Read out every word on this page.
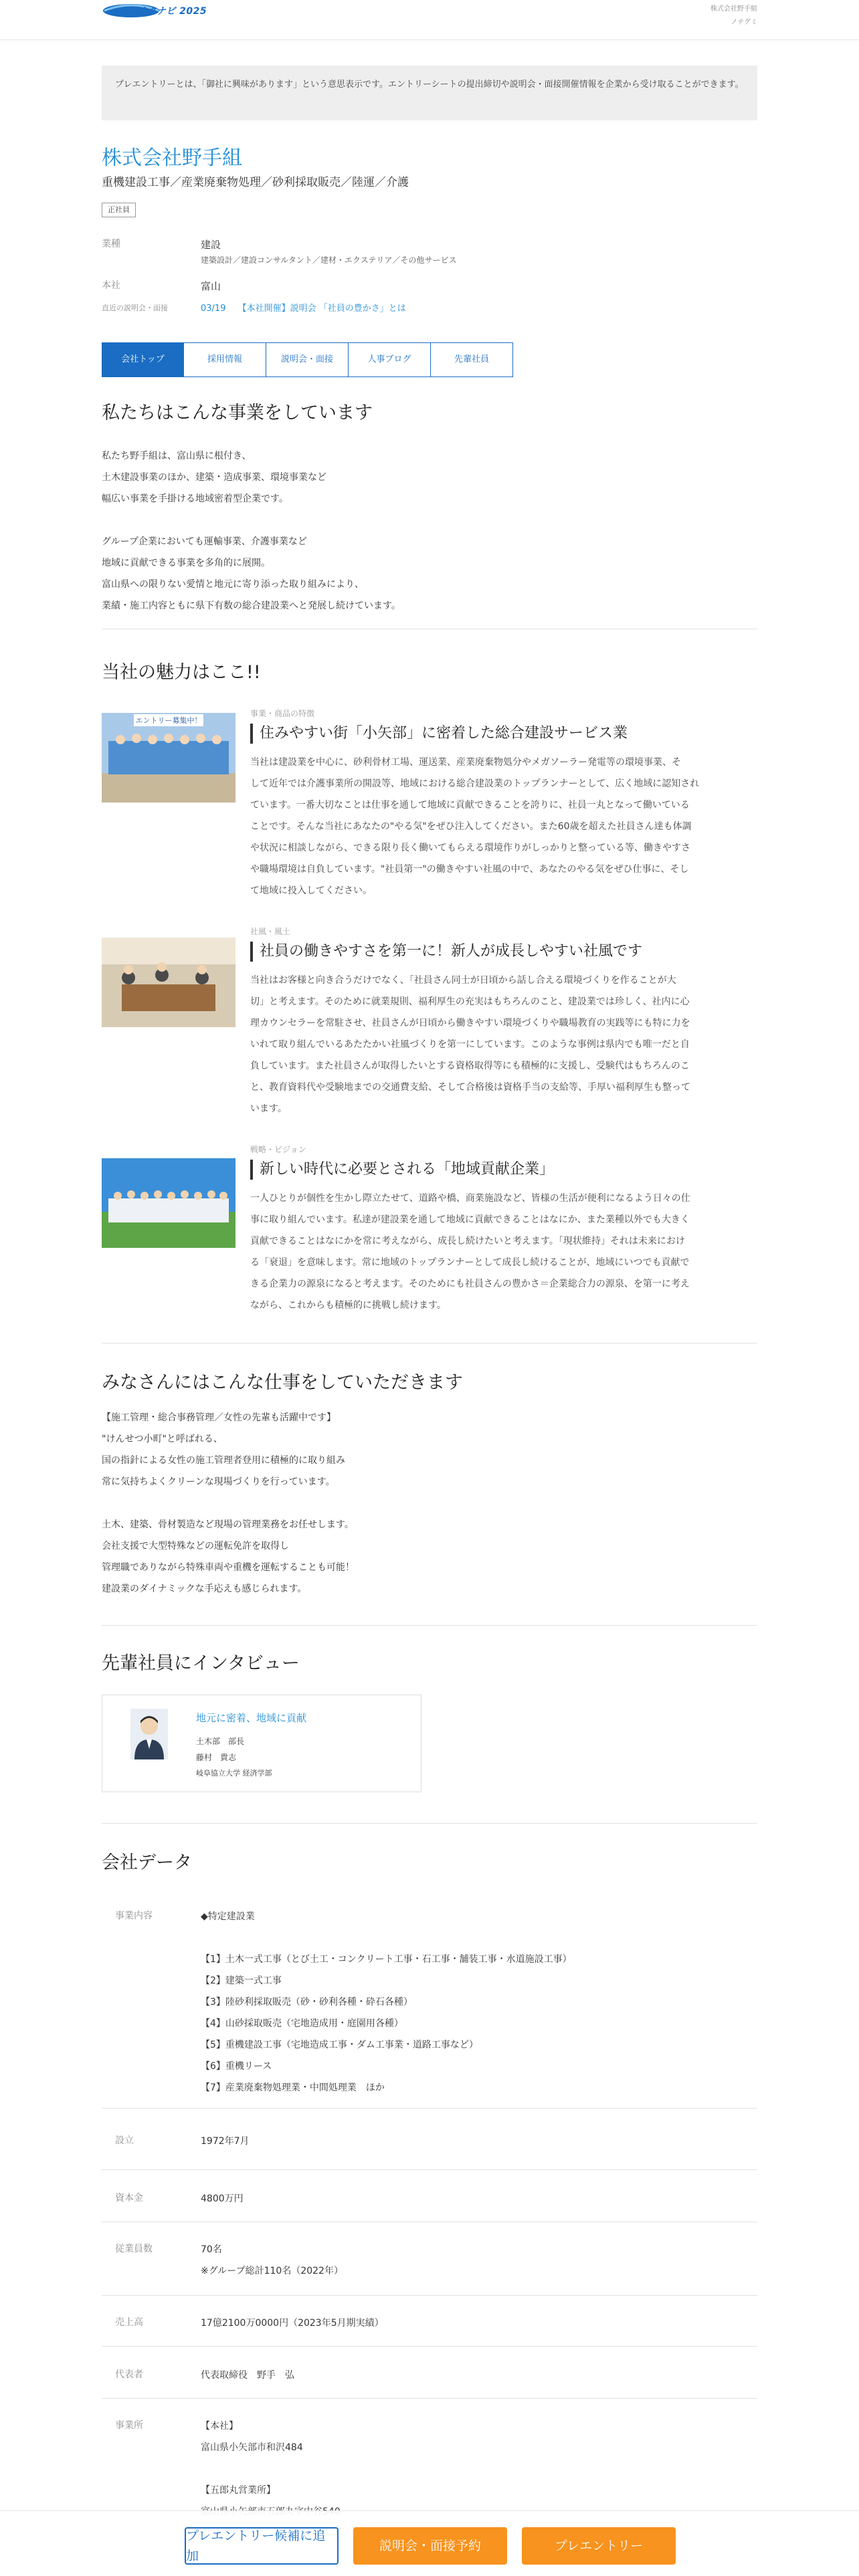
リクナビ 2025	株式会社野手組
ノテグミ
プレエントリーとは、「御社に興味があります」という意思表示です。エントリーシートの提出締切や説明会・面接開催情報を企業から受け取ることができます。
株式会社野手組
重機建設工事／産業廃棄物処理／砂利採取販売／陸運／介護
正社員
業種	建設
建築設計／建設コンサルタント／建材・エクステリア／その他サービス
本社	富山
直近の説明会・面接	03/19 【本社開催】説明会 「社員の豊かさ」とは
会社トップ	採用情報	説明会・面接	人事ブログ	先輩社員
私たちはこんな事業をしています
私たち野手組は、富山県に根付き、
土木建設事業のほか、建築・造成事業、環境事業など
幅広い事業を手掛ける地域密着型企業です。
グループ企業においても運輸事業、介護事業など
地域に貢献できる事業を多角的に展開。
富山県への限りない愛情と地元に寄り添った取り組みにより、
業績・施工内容ともに県下有数の総合建設業へと発展し続けています。
当社の魅力はここ!!
エントリー募集中！
事業・商品の特徴
住みやすい街「小矢部」に密着した総合建設サービス業
当社は建設業を中心に、砂利骨材工場、運送業、産業廃棄物処分やメガソーラー発電等の環境事業、そ
して近年では介護事業所の開設等、地域における総合建設業のトップランナーとして、広く地域に認知され
ています。一番大切なことは仕事を通して地域に貢献できることを誇りに、社員一丸となって働いている
ことです。そんな当社にあなたの"やる気"をぜひ注入してください。また60歳を超えた社員さん達も体調
や状況に相談しながら、できる限り長く働いてもらえる環境作りがしっかりと整っている等、働きやすさ
や職場環境は自負しています。"社員第一"の働きやすい社風の中で、あなたのやる気をぜひ仕事に、そし
て地域に投入してください。
社風・風土
社員の働きやすさを第一に！新人が成長しやすい社風です
当社はお客様と向き合うだけでなく、「社員さん同士が日頃から話し合える環境づくりを作ることが大
切」と考えます。そのために就業規則、福利厚生の充実はもちろんのこと、建設業では珍しく、社内に心
理カウンセラーを常駐させ、社員さんが日頃から働きやすい環境づくりや職場教育の実践等にも特に力を
いれて取り組んでいるあたたかい社風づくりを第一にしています。このような事例は県内でも唯一だと自
負しています。また社員さんが取得したいとする資格取得等にも積極的に支援し、受験代はもちろんのこ
と、教育資料代や受験地までの交通費支給、そして合格後は資格手当の支給等、手厚い福利厚生も整って
います。
戦略・ビジョン
新しい時代に必要とされる「地域貢献企業」
一人ひとりが個性を生かし際立たせて、道路や橋、商業施設など、皆様の生活が便利になるよう日々の仕
事に取り組んでいます。私達が建設業を通して地域に貢献できることはなにか、また業種以外でも大きく
貢献できることはなにかを常に考えながら、成長し続けたいと考えます。「現状維持」それは未来におけ
る「衰退」を意味します。常に地域のトップランナーとして成長し続けることが、地域にいつでも貢献で
きる企業力の源泉になると考えます。そのためにも社員さんの豊かさ＝企業総合力の源泉、を第一に考え
ながら、これからも積極的に挑戦し続けます。
みなさんにはこんな仕事をしていただきます
【施工管理・総合事務管理／女性の先輩も活躍中です】
"けんせつ小町"と呼ばれる、
国の指針による女性の施工管理者登用に積極的に取り組み
常に気持ちよくクリーンな現場づくりを行っています。
土木、建築、骨材製造など現場の管理業務をお任せします。
会社支援で大型特殊などの運転免許を取得し
管理職でありながら特殊車両や重機を運転することも可能！
建設業のダイナミックな手応えも感じられます。
先輩社員にインタビュー
地元に密着、地域に貢献
土木部　部長
藤村　貴志
岐阜協立大学 経済学部
会社データ
事業内容	◆特定建設業
【1】土木一式工事（とび土工・コンクリート工事・石工事・舗装工事・水道施設工事）
【2】建築一式工事
【3】陸砂利採取販売（砂・砂利各種・砕石各種）
【4】山砂採取販売（宅地造成用・庭園用各種）
【5】重機建設工事（宅地造成工事・ダム工事業・道路工事など）
【6】重機リース
【7】産業廃棄物処理業・中間処理業　ほか
設立	1972年7月
資本金	4800万円
従業員数	70名
※グループ総計110名（2022年）
売上高	17億2100万0000円（2023年5月期実績）
代表者	代表取締役　野手　弘
事業所	【本社】
富山県小矢部市和沢484
【五郎丸営業所】
プレエントリー候補に追加
説明会・面接予約	プレエントリー
